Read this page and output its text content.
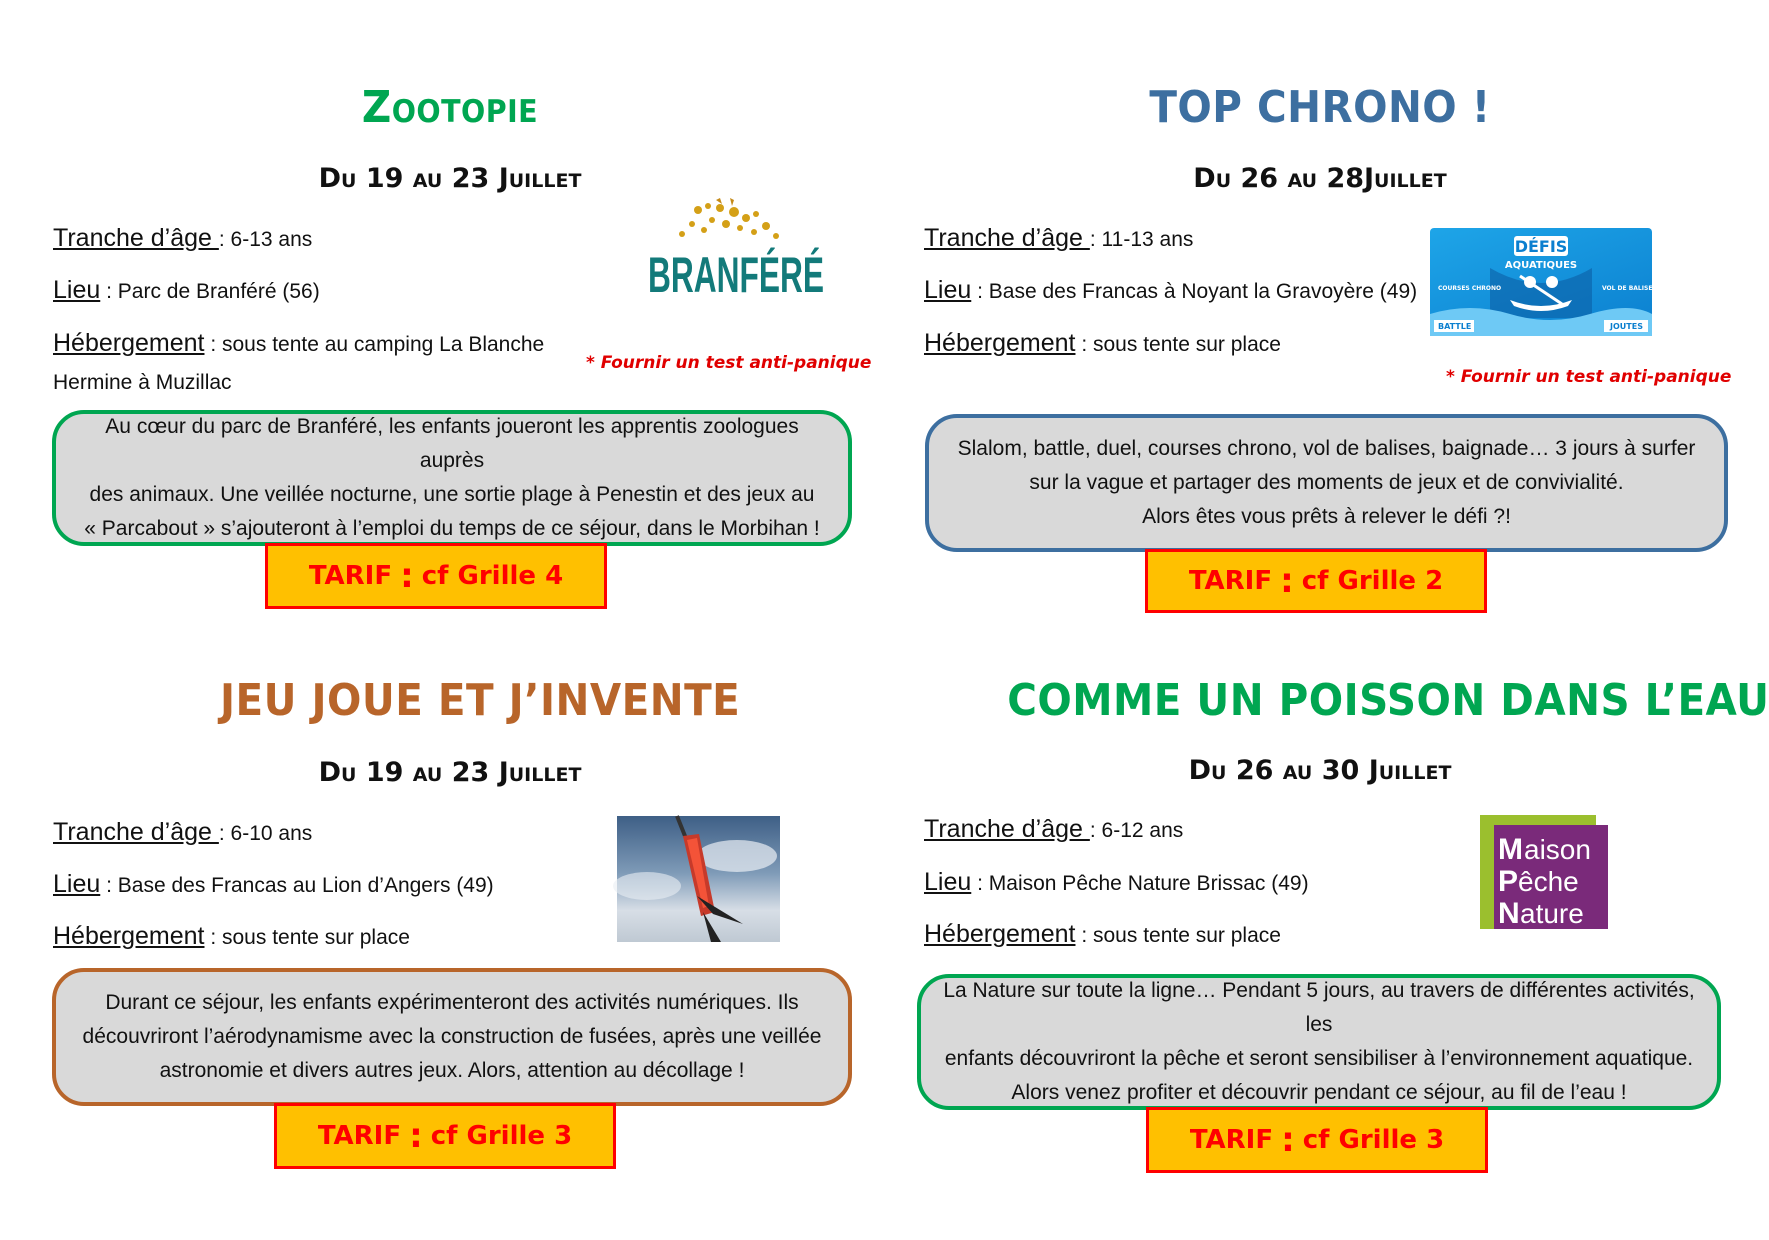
Zootopie
Du 19 au 23 Juillet
Tranche d’âge : 6-13 ans
Lieu : Parc de Branféré (56)
Hébergement : sous tente au camping La Blanche
Hermine à Muzillac
BRANFÉRÉ
* Fournir un test anti-panique
Au cœur du parc de Branféré, les enfants joueront les apprentis zoologues auprès
des animaux. Une veillée nocturne, une sortie plage à Penestin et des jeux au
« Parcabout » s’ajouteront à l’emploi du temps de ce séjour, dans le Morbihan !
TARIF : cf Grille 4
TOP CHRONO !
Du 26 au 28Juillet
Tranche d’âge : 11-13 ans
Lieu : Base des Francas à Noyant la Gravoyère (49)
Hébergement : sous tente sur place
DÉFIS
AQUATIQUES
COURSES CHRONO	VOL DE BALISES
BATTLE	JOUTES
* Fournir un test anti-panique
Slalom, battle, duel, courses chrono, vol de balises, baignade… 3 jours à surfer
sur la vague et partager des moments de jeux et de convivialité.
Alors êtes vous prêts à relever le défi ?!
TARIF : cf Grille 2
JEU JOUE ET J’INVENTE
Du 19 au 23 Juillet
Tranche d’âge : 6-10 ans
Lieu : Base des Francas au Lion d’Angers (49)
Hébergement : sous tente sur place
Durant ce séjour, les enfants expérimenteront des activités numériques. Ils
découvriront l’aérodynamisme avec la construction de fusées, après une veillée
astronomie et divers autres jeux. Alors, attention au décollage !
TARIF : cf Grille 3
COMME UN POISSON DANS L’EAU
Du 26 au 30 Juillet
Tranche d’âge : 6-12 ans
Lieu : Maison Pêche Nature Brissac (49)
Hébergement : sous tente sur place
M aison
P êche
N ature
La Nature sur toute la ligne… Pendant 5 jours, au travers de différentes activités, les
enfants découvriront la pêche et seront sensibiliser à l’environnement aquatique.
Alors venez profiter et découvrir pendant ce séjour, au fil de l’eau !
TARIF : cf Grille 3
